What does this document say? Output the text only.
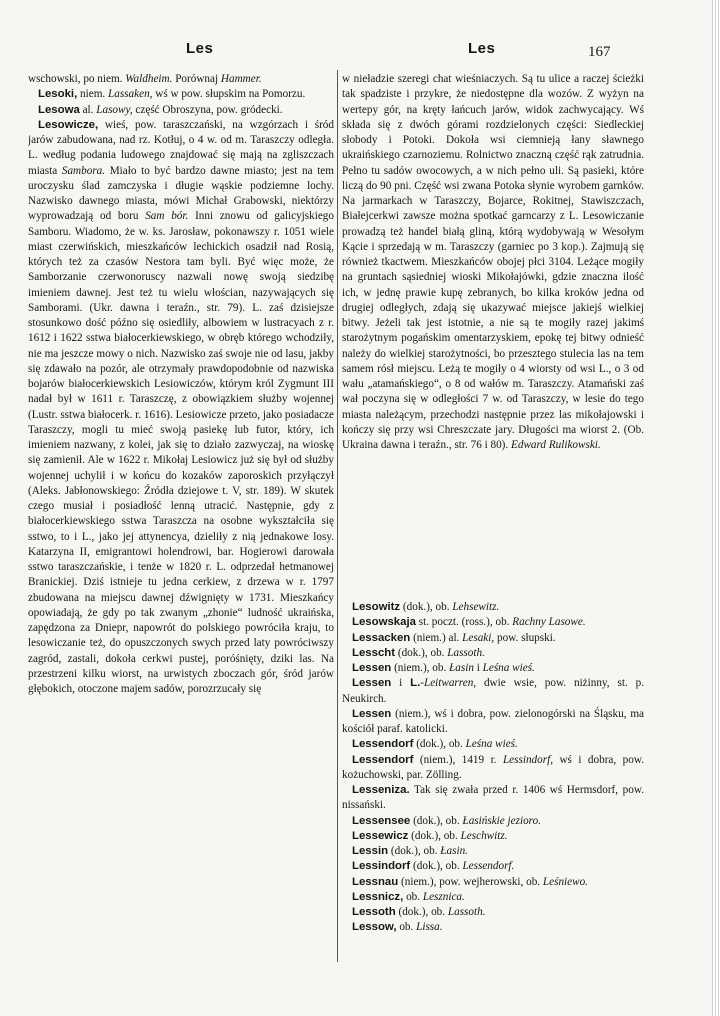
Les	Les	167

wschowski, po niem. Waldheim. Porównaj Hammer.

Lesoki, niem. Lassaken, wś w pow. słupskim na Pomorzu.

Lesowa al. Lasowy, część Obroszyna, pow. gródecki.

Lesowicze, wieś, pow. taraszczański, na wzgórzach i śród jarów zabudowana, nad rz. Kotłuj, o 4 w. od m. Taraszczy odległa. L. według podania ludowego znajdować się mają na zgliszczach miasta Sambora. Miało to być bardzo dawne miasto; jest na tem uroczysku ślad zamczyska i długie wąskie podziemne lochy. Nazwisko dawnego miasta, mówi Michał Grabowski, niektórzy wyprowadzają od boru Sam bór. Inni znowu od galicyjskiego Samboru. Wiadomo, że w. ks. Jarosław, pokonawszy r. 1051 wiele miast czerwińskich, mieszkańców lechickich osadził nad Rosią, których też za czasów Nestora tam byli. Być więc może, że Samborzanie czerwonoruscy nazwali nowę swoją siedzibę imieniem dawnej. Jest też tu wielu włościan, nazywających się Samborami. (Ukr. dawna i teraźn., str. 79). L. zaś dzisiejsze stosunkowo dość późno się osiedliły, albowiem w lustracyach z r. 1612 i 1622 sstwa białocerkiewskiego, w obręb którego wchodziły, nie ma jeszcze mowy o nich. Nazwisko zaś swoje nie od lasu, jakby się zdawało na pozór, ale otrzymały prawdopodobnie od nazwiska bojarów białocerkiewskich Lesiowiczów, którym król Zygmunt III nadał był w 1611 r. Taraszczę, z obowiązkiem służby wojennej (Lustr. sstwa białocerk. r. 1616). Lesiowicze przeto, jako posiadacze Taraszczy, mogli tu mieć swoją pasiekę lub futor, który, ich imieniem nazwany, z kolei, jak się to działo zazwyczaj, na wioskę się zamienił. Ale w 1622 r. Mikołaj Lesiowicz już się był od służby wojennej uchylił i w końcu do kozaków zaporoskich przyłączył (Aleks. Jabłonowskiego: Źródła dziejowe t. V, str. 189). W skutek czego musiał i posiadłość lenną utracić. Następnie, gdy z białocerkiewskiego sstwa Taraszcza na osobne wykształciła się sstwo, to i L., jako jej attynencya, dzieliły z nią jednakowe losy. Katarzyna II, emigrantowi holendrowi, bar. Hogierowi darowała sstwo taraszczańskie, i tenże w 1820 r. L. odprzedał hetmanowej Branickiej. Dziś istnieje tu jedna cerkiew, z drzewa w r. 1797 zbudowana na miejscu dawnej dźwignięty w 1731. Mieszkańcy opowiadają, że gdy po tak zwanym „zhonie“ ludność ukraińska, zapędzona za Dniepr, napowrót do polskiego powróciła kraju, to lesowiczanie też, do opuszczonych swych przed laty powróciwszy zagród, zastali, dokoła cerkwi pustej, poróśnięty, dziki las. Na przestrzeni kilku wiorst, na urwistych zboczach gór, śród jarów głębokich, otoczone majem sadów, porozrzucały się

w nieładzie szeregi chat wieśniaczych. Są tu ulice a raczej ścieżki tak spadziste i przykre, że niedostępne dla wozów. Z wyżyn na wertepy gór, na kręty łańcuch jarów, widok zachwycający. Wś składa się z dwóch górami rozdzielonych części: Siedleckiej słobody i Potoki. Dokoła wsi ciemnieją łany sławnego ukraińskiego czarnoziemu. Rolnictwo znaczną część rąk zatrudnia. Pełno tu sadów owocowych, a w nich pełno uli. Są pasieki, które liczą do 90 pni. Część wsi zwana Potoka słynie wyrobem garnków. Na jarmarkach w Taraszczy, Bojarce, Rokitnej, Stawiszczach, Białejcerkwi zawsze można spotkać garncarzy z L. Lesowiczanie prowadzą też handel białą gliną, którą wydobywają w Wesołym Kącie i sprzedają w m. Taraszczy (garniec po 3 kop.). Zajmują się również tkactwem. Mieszkańców obojej płci 3104. Leżące mogiły na gruntach sąsiedniej wioski Mikołajówki, gdzie znaczna ilość ich, w jednę prawie kupę zebranych, bo kilka kroków jedna od drugiej odległych, zdają się ukazywać miejsce jakiejś wielkiej bitwy. Jeżeli tak jest istotnie, a nie są te mogiły razej jakimś starożytnym pogańskim omentarzyskiem, epokę tej bitwy odnieść należy do wielkiej starożytności, bo przesztego stulecia las na tem samem rósł miejscu. Leżą te mogiły o 4 wiorsty od wsi L., o 3 od wału „atamańskiego“, o 8 od wałów m. Taraszczy. Atamański zaś wał poczyna się w odległości 7 w. od Taraszczy, w lesie do tego miasta należącym, przechodzi następnie przez las mikołajowski i kończy się przy wsi Chreszczate jary. Długości ma wiorst 2. (Ob. Ukraina dawna i teraźn., str. 76 i 80). Edward Rulikowski.

Lesowitz (dok.), ob. Lehsewitz.

Lesowskaja st. poczt. (ross.), ob. Rachny Lasowe.

Lessacken (niem.) al. Lesaki, pow. słupski.

Lesscht (dok.), ob. Lassoth.

Lessen (niem.), ob. Łasin i Leśna wieś.

Lessen i L.-Leitwarren, dwie wsie, pow. niżinny, st. p. Neukirch.

Lessen (niem.), wś i dobra, pow. zielonogórski na Śląsku, ma kościół paraf. katolicki.

Lessendorf (dok.), ob. Leśna wieś.

Lessendorf (niem.), 1419 r. Lessindorf, wś i dobra, pow. kożuchowski, par. Zölling.

Lesseniza. Tak się zwała przed r. 1406 wś Hermsdorf, pow. nissański.

Lessensee (dok.), ob. Łasińskie jezioro.

Lessewicz (dok.), ob. Leschwitz.

Lessin (dok.), ob. Łasin.

Lessindorf (dok.), ob. Lessendorf.

Lessnau (niem.), pow. wejherowski, ob. Leśniewo.

Lessnicz, ob. Lesznica.

Lessoth (dok.), ob. Lassoth.

Lessow, ob. Lissa.
